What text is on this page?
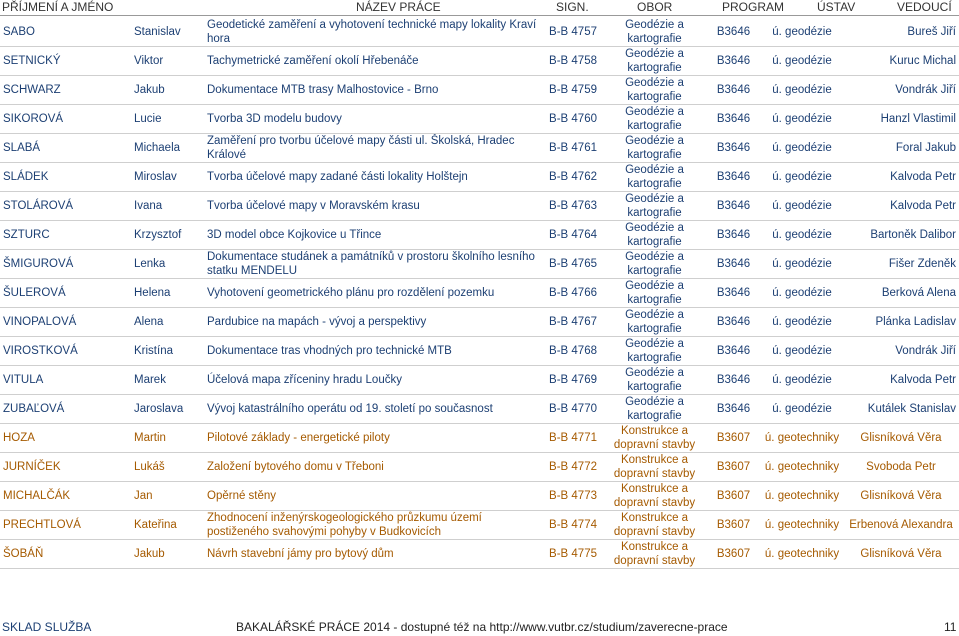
PŘÍJMENÍ A JMÉNO	NÁZEV PRÁCE	SIGN.	OBOR	PROGRAM	ÚSTAV	VEDOUCÍ
SABO	Stanislav	Geodetické zaměření a vyhotovení technické mapy lokality Kraví hora	B-B 4757	Geodézie a kartografie	B3646	ú. geodézie	Bureš Jiří
SETNICKÝ	Viktor	Tachymetrické zaměření okolí Hřebenáče	B-B 4758	Geodézie a kartografie	B3646	ú. geodézie	Kuruc Michal
SCHWARZ	Jakub	Dokumentace MTB trasy Malhostovice - Brno	B-B 4759	Geodézie a kartografie	B3646	ú. geodézie	Vondrák Jiří
SIKOROVÁ	Lucie	Tvorba 3D modelu budovy	B-B 4760	Geodézie a kartografie	B3646	ú. geodézie	Hanzl Vlastimil
SLABÁ	Michaela	Zaměření pro tvorbu účelové mapy části ul. Školská, Hradec Králové	B-B 4761	Geodézie a kartografie	B3646	ú. geodézie	Foral Jakub
SLÁDEK	Miroslav	Tvorba účelové mapy zadané části lokality Holštejn	B-B 4762	Geodézie a kartografie	B3646	ú. geodézie	Kalvoda Petr
STOLÁROVÁ	Ivana	Tvorba účelové mapy v Moravském krasu	B-B 4763	Geodézie a kartografie	B3646	ú. geodézie	Kalvoda Petr
SZTURC	Krzysztof	3D model obce Kojkovice u Třince	B-B 4764	Geodézie a kartografie	B3646	ú. geodézie	Bartoněk Dalibor
ŠMIGUROVÁ	Lenka	Dokumentace studánek a památníků v prostoru školního lesního statku MENDELU	B-B 4765	Geodézie a kartografie	B3646	ú. geodézie	Fišer Zdeněk
ŠULEROVÁ	Helena	Vyhotovení geometrického plánu pro rozdělení pozemku	B-B 4766	Geodézie a kartografie	B3646	ú. geodézie	Berková Alena
VINOPALOVÁ	Alena	Pardubice na mapách - vývoj a perspektivy	B-B 4767	Geodézie a kartografie	B3646	ú. geodézie	Plánka Ladislav
VIROSTKOVÁ	Kristína	Dokumentace tras vhodných pro technické MTB	B-B 4768	Geodézie a kartografie	B3646	ú. geodézie	Vondrák Jiří
VITULA	Marek	Účelová mapa zříceniny hradu Loučky	B-B 4769	Geodézie a kartografie	B3646	ú. geodézie	Kalvoda Petr
ZUBAĽOVÁ	Jaroslava	Vývoj katastrálního operátu od 19. století po současnost	B-B 4770	Geodézie a kartografie	B3646	ú. geodézie	Kutálek Stanislav
HOZA	Martin	Pilotové základy - energetické piloty	B-B 4771	Konstrukce a dopravní stavby	B3607	ú. geotechniky	Glisníková Věra
JURNÍČEK	Lukáš	Založení bytového domu v Třeboni	B-B 4772	Konstrukce a dopravní stavby	B3607	ú. geotechniky	Svoboda Petr
MICHALČÁK	Jan	Opěrné stěny	B-B 4773	Konstrukce a dopravní stavby	B3607	ú. geotechniky	Glisníková Věra
PRECHTLOVÁ	Kateřina	Zhodnocení inženýrskogeologického průzkumu území postiženého svahovými pohyby v Budkovicích	B-B 4774	Konstrukce a dopravní stavby	B3607	ú. geotechniky	Erbenová Alexandra
ŠOBÁŇ	Jakub	Návrh stavební jámy pro bytový dům	B-B 4775	Konstrukce a dopravní stavby	B3607	ú. geotechniky	Glisníková Věra
SKLAD SLUŽBA	BAKALÁŘSKÉ PRÁCE 2014 - dostupné též na http://www.vutbr.cz/studium/zaverecne-prace	11
